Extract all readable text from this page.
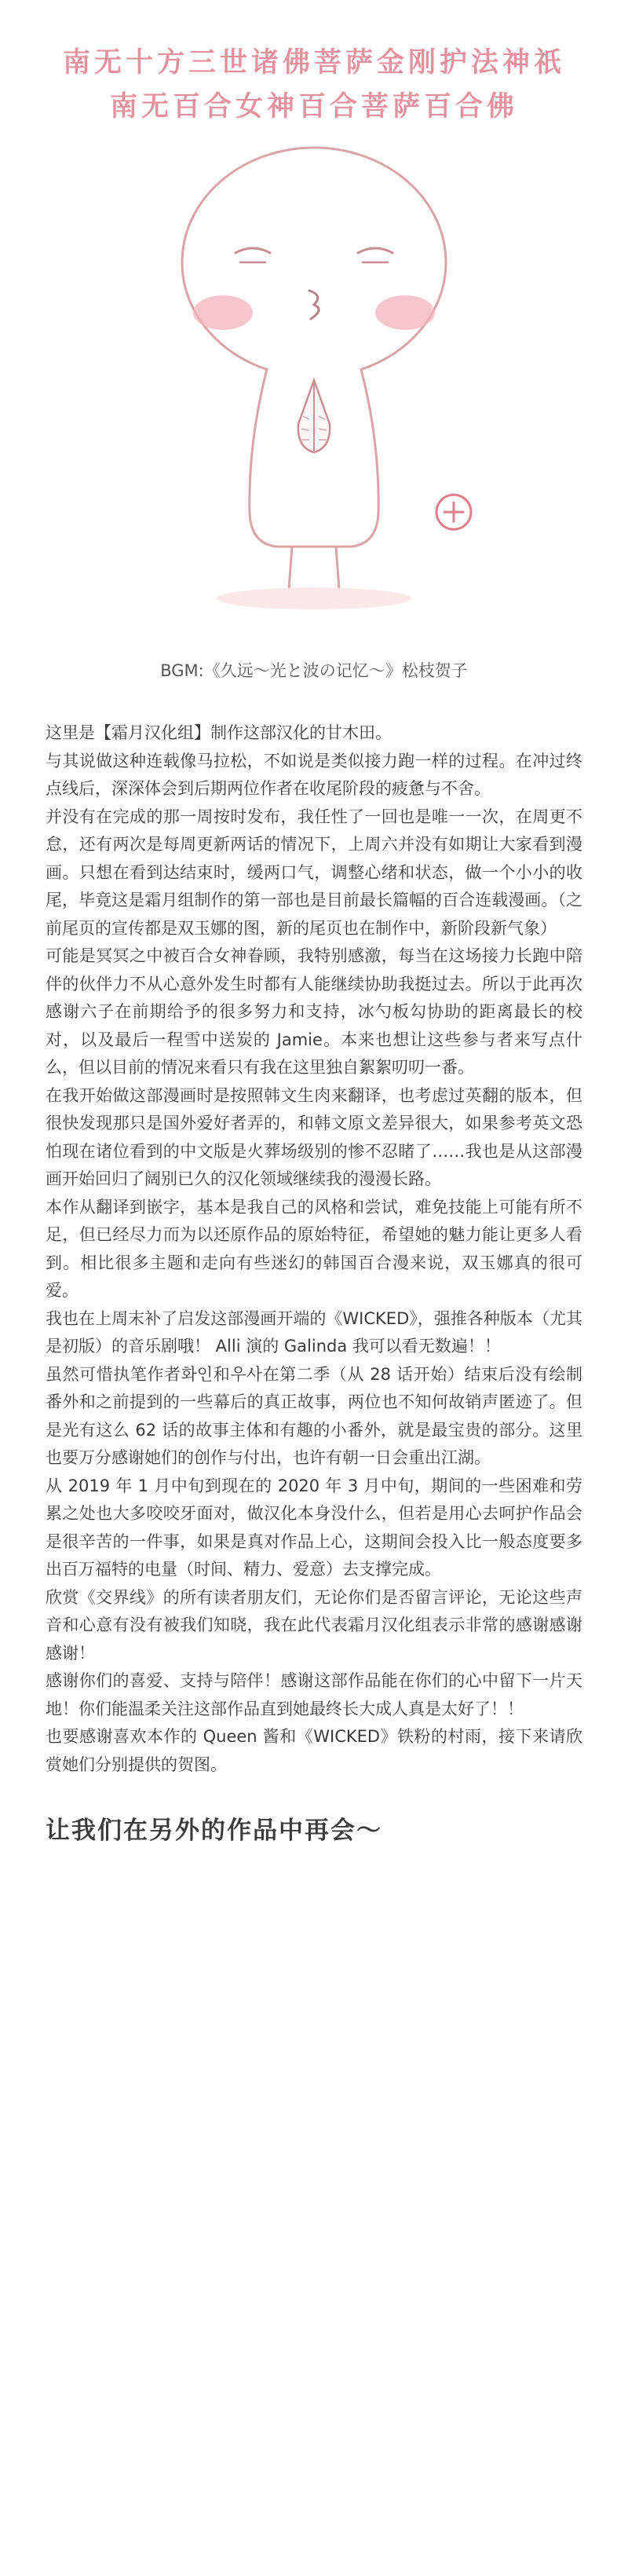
南无十方三世诸佛菩萨金刚护法神祇

南无百合女神百合菩萨百合佛

BGM:《久远～光と波の记忆～》松枝贺子

这里是【霜月汉化组】制作这部汉化的甘木田。

与其说做这种连载像马拉松，不如说是类似接力跑一样的过程。在冲过终点线后，深深体会到后期两位作者在收尾阶段的疲惫与不舍。

并没有在完成的那一周按时发布，我任性了一回也是唯一一次，在周更不怠，还有两次是每周更新两话的情况下，上周六并没有如期让大家看到漫画。只想在看到达结束时，缓两口气，调整心绪和状态，做一个小小的收尾，毕竟这是霜月组制作的第一部也是目前最长篇幅的百合连载漫画。（之前尾页的宣传都是双玉娜的图，新的尾页也在制作中，新阶段新气象）

可能是冥冥之中被百合女神眷顾，我特别感激，每当在这场接力长跑中陪伴的伙伴力不从心意外发生时都有人能继续协助我挺过去。所以于此再次感谢六子在前期给予的很多努力和支持，冰勺板勾协助的距离最长的校对，以及最后一程雪中送炭的 Jamie。本来也想让这些参与者来写点什么，但以目前的情况来看只有我在这里独自絮絮叨叨一番。

在我开始做这部漫画时是按照韩文生肉来翻译，也考虑过英翻的版本，但很快发现那只是国外爱好者弄的，和韩文原文差异很大，如果参考英文恐怕现在诸位看到的中文版是火葬场级别的惨不忍睹了……我也是从这部漫画开始回归了阔别已久的汉化领域继续我的漫漫长路。

本作从翻译到嵌字，基本是我自己的风格和尝试，难免技能上可能有所不足，但已经尽力而为以还原作品的原始特征，希望她的魅力能让更多人看到。相比很多主题和走向有些迷幻的韩国百合漫来说，双玉娜真的很可爱。

我也在上周末补了启发这部漫画开端的《WICKED》，强推各种版本（尤其是初版）的音乐剧哦！ Alli 演的 Galinda 我可以看无数遍！！

虽然可惜执笔作者화인和우사在第二季（从 28 话开始）结束后没有绘制番外和之前提到的一些幕后的真正故事，两位也不知何故销声匿迹了。但是光有这么 62 话的故事主体和有趣的小番外，就是最宝贵的部分。这里也要万分感谢她们的创作与付出，也许有朝一日会重出江湖。

从 2019 年 1 月中旬到现在的 2020 年 3 月中旬，期间的一些困难和劳累之处也大多咬咬牙面对，做汉化本身没什么，但若是用心去呵护作品会是很辛苦的一件事，如果是真对作品上心，这期间会投入比一般态度要多出百万福特的电量（时间、精力、爱意）去支撑完成。

欣赏《交界线》的所有读者朋友们，无论你们是否留言评论，无论这些声音和心意有没有被我们知晓，我在此代表霜月汉化组表示非常的感谢感谢感谢！

感谢你们的喜爱、支持与陪伴！感谢这部作品能在你们的心中留下一片天地！你们能温柔关注这部作品直到她最终长大成人真是太好了！！

也要感谢喜欢本作的 Queen 酱和《WICKED》铁粉的村雨，接下来请欣赏她们分别提供的贺图。

让我们在另外的作品中再会～
